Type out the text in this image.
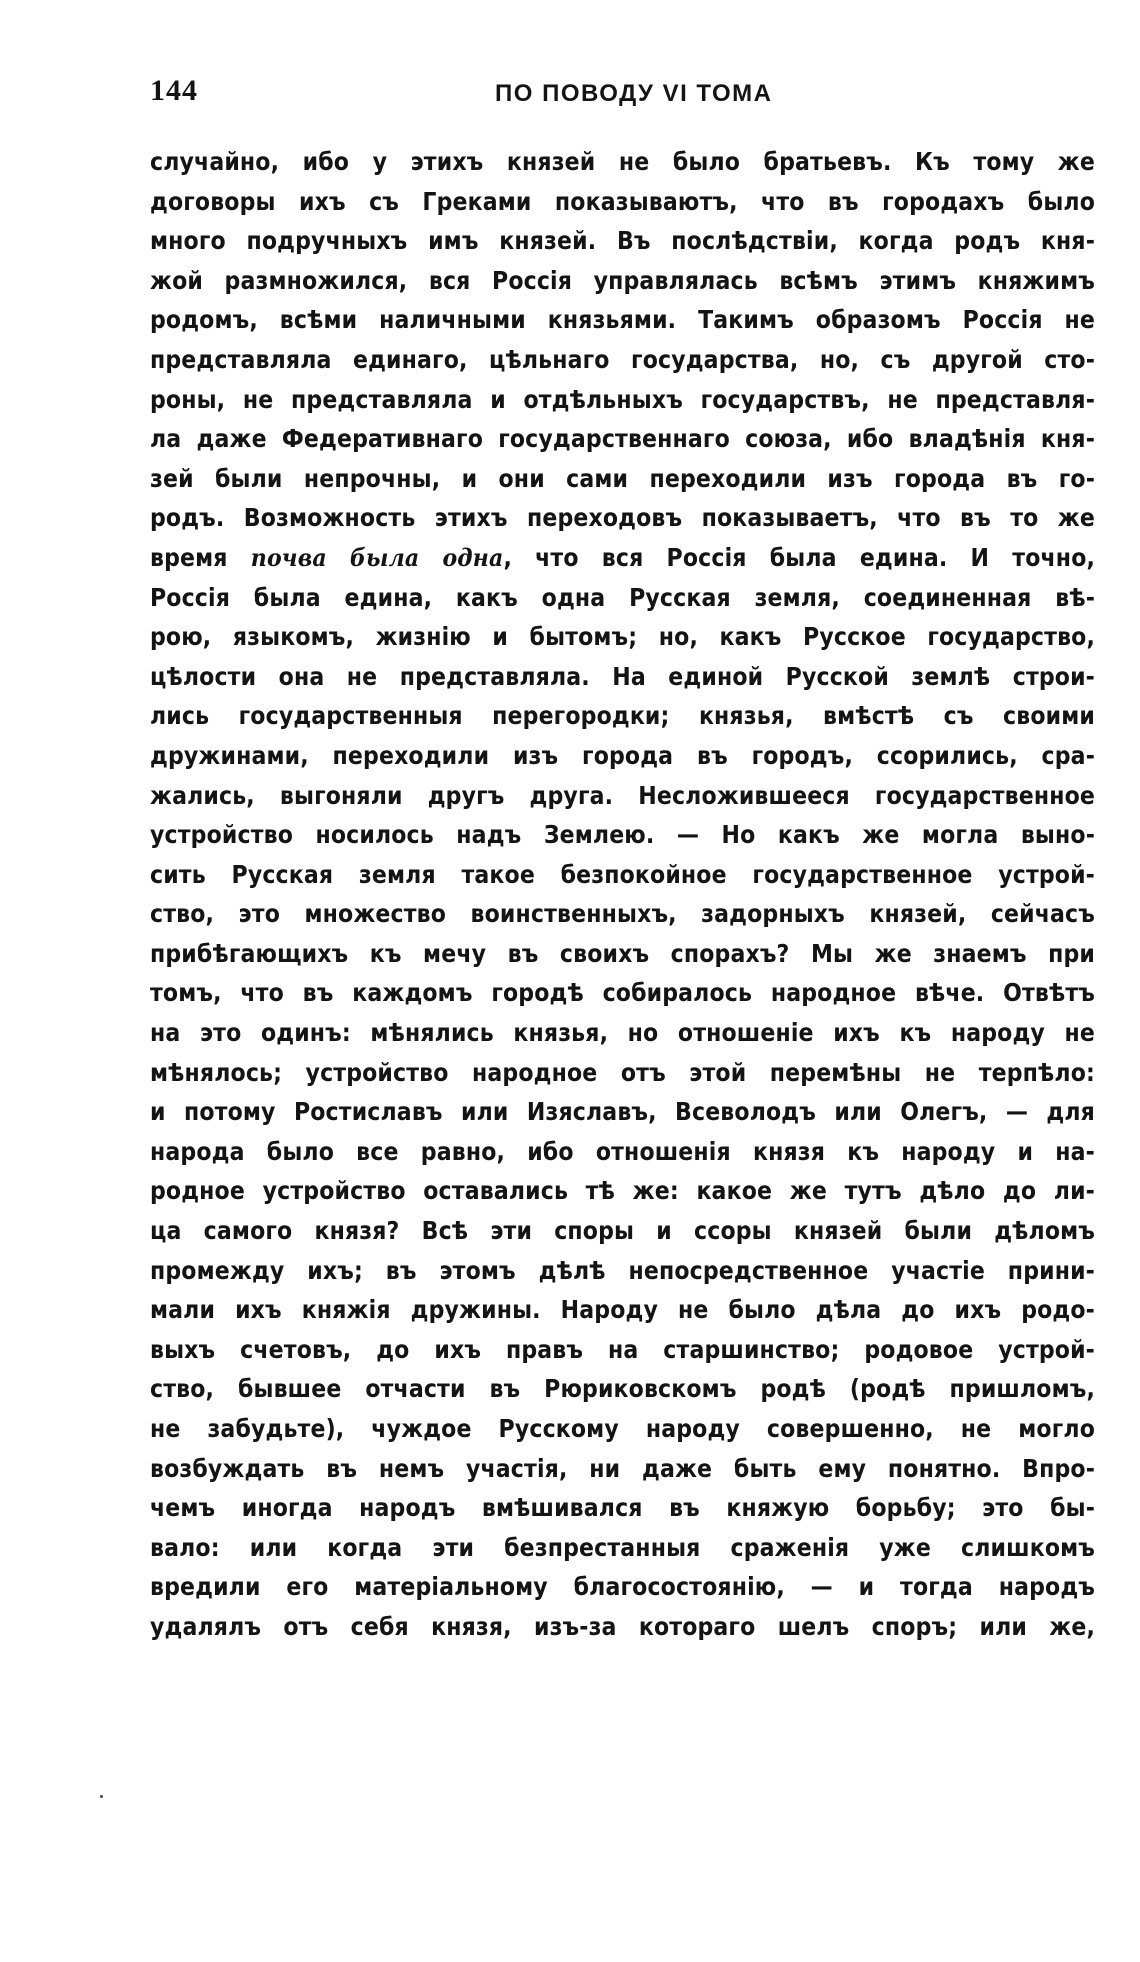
144	ПО ПОВОДУ VI ТОМА
случайно, ибо у этихъ князей не было братьевъ. Къ тому же
договоры ихъ съ Греками показываютъ, что въ городахъ было
много подручныхъ имъ князей. Въ послѣдствіи, когда родъ кня-
жой размножился, вся Россія управлялась всѣмъ этимъ княжимъ
родомъ, всѣми наличными князьями. Такимъ образомъ Россія не
представляла единаго, цѣльнаго государства, но, съ другой сто-
роны, не представляла и отдѣльныхъ государствъ, не представля-
ла даже Федеративнаго государственнаго союза, ибо владѣнія кня-
зей были непрочны, и они сами переходили изъ города въ го-
родъ. Возможность этихъ переходовъ показываетъ, что въ то же
время почва была одна, что вся Россія была едина. И точно,
Россія была едина, какъ одна Русская земля, соединенная вѣ-
рою, языкомъ, жизнію и бытомъ; но, какъ Русское государство,
цѣлости она не представляла. На единой Русской землѣ строи-
лись государственныя перегородки; князья, вмѣстѣ съ своими
дружинами, переходили изъ города въ городъ, ссорились, сра-
жались, выгоняли другъ друга. Несложившееся государственное
устройство носилось надъ Землею. — Но какъ же могла выно-
сить Русская земля такое безпокойное государственное устрой-
ство, это множество воинственныхъ, задорныхъ князей, сейчасъ
прибѣгающихъ къ мечу въ своихъ спорахъ? Мы же знаемъ при
томъ, что въ каждомъ городѣ собиралось народное вѣче. Отвѣтъ
на это одинъ: мѣнялись князья, но отношеніе ихъ къ народу не
мѣнялось; устройство народное отъ этой перемѣны не терпѣло:
и потому Ростиславъ или Изяславъ, Всеволодъ или Олегъ, — для
народа было все равно, ибо отношенія князя къ народу и на-
родное устройство оставались тѣ же: какое же тутъ дѣло до ли-
ца самого князя? Всѣ эти споры и ссоры князей были дѣломъ
промежду ихъ; въ этомъ дѣлѣ непосредственное участіе прини-
мали ихъ княжія дружины. Народу не было дѣла до ихъ родо-
выхъ счетовъ, до ихъ правъ на старшинство; родовое устрой-
ство, бывшее отчасти въ Рюриковскомъ родѣ (родѣ пришломъ,
не забудьте), чуждое Русскому народу совершенно, не могло
возбуждать въ немъ участія, ни даже быть ему понятно. Впро-
чемъ иногда народъ вмѣшивался въ княжую борьбу; это бы-
вало: или когда эти безпрестанныя сраженія уже слишкомъ
вредили его матеріальному благосостоянію, — и тогда народъ
удалялъ отъ себя князя, изъ-за котораго шелъ споръ; или же,
